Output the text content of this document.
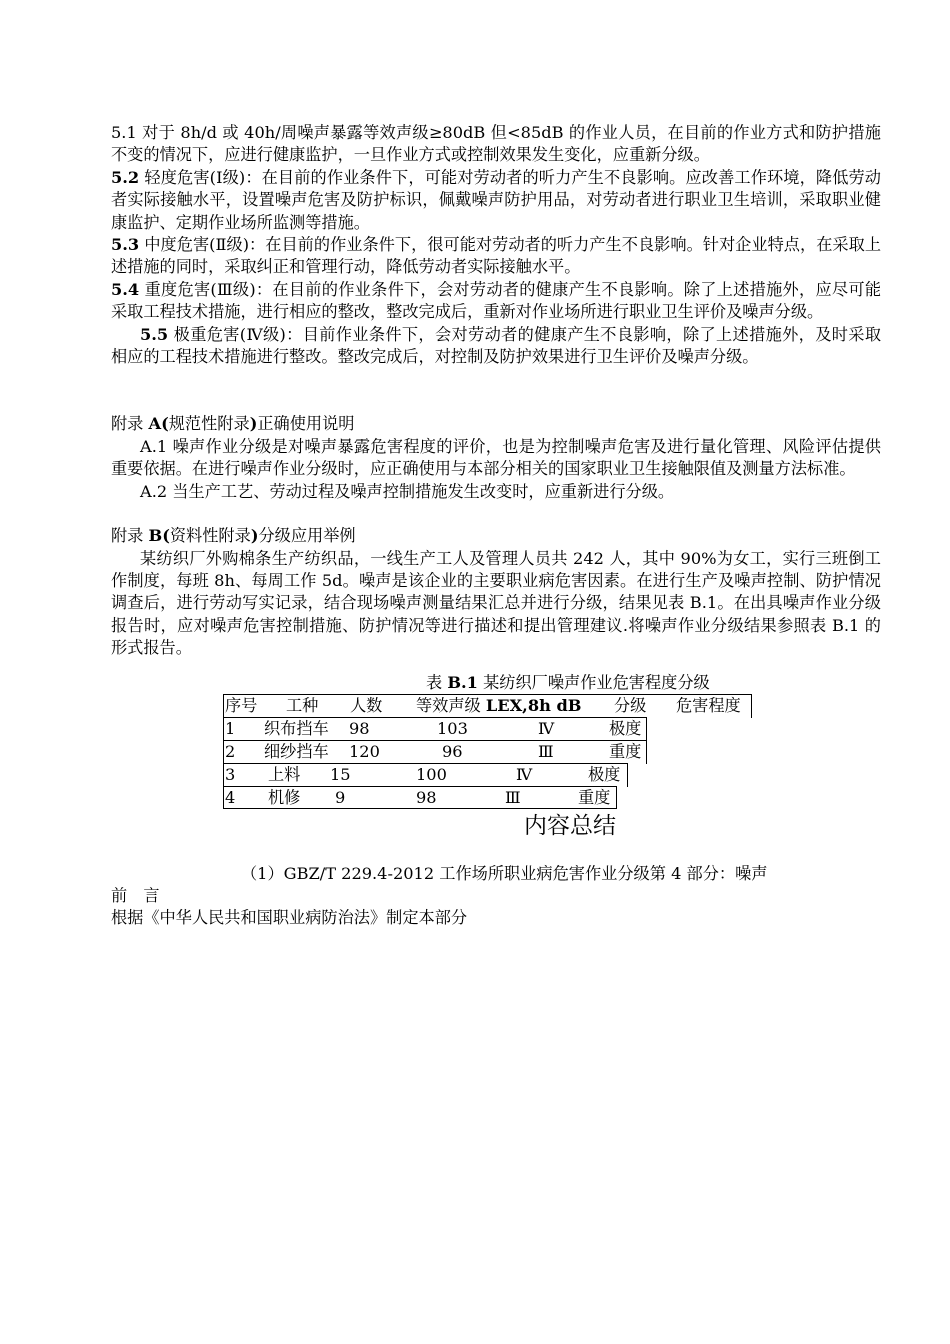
5.1 对于 8h/d 或 40h/周噪声暴露等效声级≥80dB 但<85dB 的作业人员，在目前的作业方式和防护措施不变的情况下，应进行健康监护，一旦作业方式或控制效果发生变化，应重新分级。

5.2 轻度危害(Ⅰ级)：在目前的作业条件下，可能对劳动者的听力产生不良影响。应改善工作环境，降低劳动者实际接触水平，设置噪声危害及防护标识，佩戴噪声防护用品，对劳动者进行职业卫生培训，采取职业健康监护、定期作业场所监测等措施。

5.3 中度危害(Ⅱ级)：在目前的作业条件下，很可能对劳动者的听力产生不良影响。针对企业特点，在采取上述措施的同时，采取纠正和管理行动，降低劳动者实际接触水平。

5.4 重度危害(Ⅲ级)：在目前的作业条件下，会对劳动者的健康产生不良影响。除了上述措施外，应尽可能采取工程技术措施，进行相应的整改，整改完成后，重新对作业场所进行职业卫生评价及噪声分级。

5.5 极重危害(Ⅳ级)：目前作业条件下，会对劳动者的健康产生不良影响，除了上述措施外，及时采取相应的工程技术措施进行整改。整改完成后，对控制及防护效果进行卫生评价及噪声分级。

附录 A(规范性附录)正确使用说明

A.1 噪声作业分级是对噪声暴露危害程度的评价，也是为控制噪声危害及进行量化管理、风险评估提供重要依据。在进行噪声作业分级时，应正确使用与本部分相关的国家职业卫生接触限值及测量方法标准。

A.2 当生产工艺、劳动过程及噪声控制措施发生改变时，应重新进行分级。

附录 B(资料性附录)分级应用举例

某纺织厂外购棉条生产纺织品，一线生产工人及管理人员共 242 人，其中 90%为女工，实行三班倒工作制度，每班 8h、每周工作 5d。噪声是该企业的主要职业病危害因素。在进行生产及噪声控制、防护情况调查后，进行劳动写实记录，结合现场噪声测量结果汇总并进行分级，结果见表 B.1。在出具噪声作业分级报告时，应对噪声危害控制措施、防护情况等进行描述和提出管理建议.将噪声作业分级结果参照表 B.1 的形式报告。

表 B.1 某纺织厂噪声作业危害程度分级
序号 工种 人数 等效声级 LEX,8h dB 分级 危害程度
1 织布挡车 98	103	Ⅳ	极度
2 细纱挡车 120	96	Ⅲ	重度
3 上料 15	100	Ⅳ	极度
4 机修 9	98	Ⅲ	重度
内容总结

（1）GBZ/T 229.4-2012 工作场所职业病危害作业分级第 4 部分：噪声

前　言

根据《中华人民共和国职业病防治法》制定本部分
